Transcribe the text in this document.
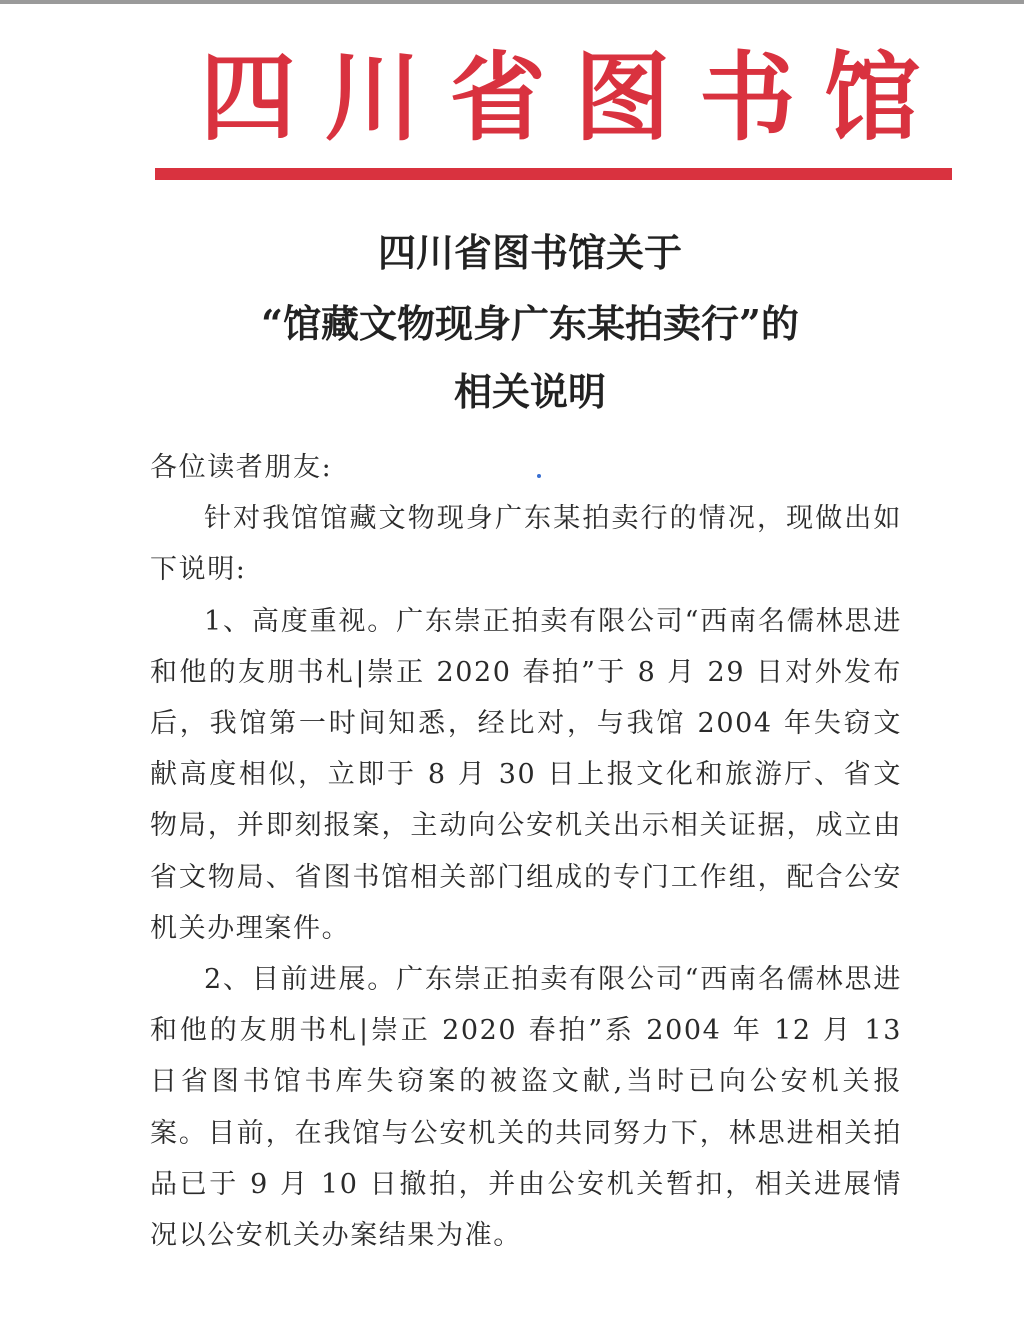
四 川 省 图 书 馆
四川省图书馆关于
“馆藏文物现身广东某拍卖行”的
相关说明

各位读者朋友:

针对我馆馆藏文物现身广东某拍卖行的情况，现做出如下说明:

1、高度重视。广东崇正拍卖有限公司“西南名儒林思进和他的友朋书札|崇正 2020 春拍”于 8 月 29 日对外发布后，我馆第一时间知悉，经比对，与我馆 2004 年失窃文献高度相似，立即于 8 月 30 日上报文化和旅游厅、省文物局，并即刻报案，主动向公安机关出示相关证据，成立由省文物局、省图书馆相关部门组成的专门工作组，配合公安机关办理案件。

2、目前进展。广东崇正拍卖有限公司“西南名儒林思进和他的友朋书札|崇正 2020 春拍”系 2004 年 12 月 13 日省图书馆书库失窃案的被盗文献,当时已向公安机关报案。目前，在我馆与公安机关的共同努力下，林思进相关拍品已于 9 月 10 日撤拍，并由公安机关暂扣，相关进展情况以公安机关办案结果为准。
